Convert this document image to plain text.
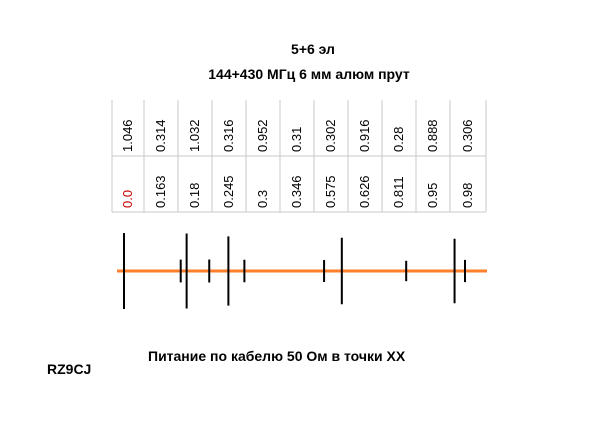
5+6 эл
144+430 МГц 6 мм алюм прут
1.046 0.314 1.032 0.316 0.952 0.31 0.302 0.916 0.28 0.888 0.306
0.0 0.163 0.18 0.245 0.3 0.346 0.575 0.626 0.811 0.95 0.98
RZ9CJ
Питание по кабелю 50 Ом в точки XX
